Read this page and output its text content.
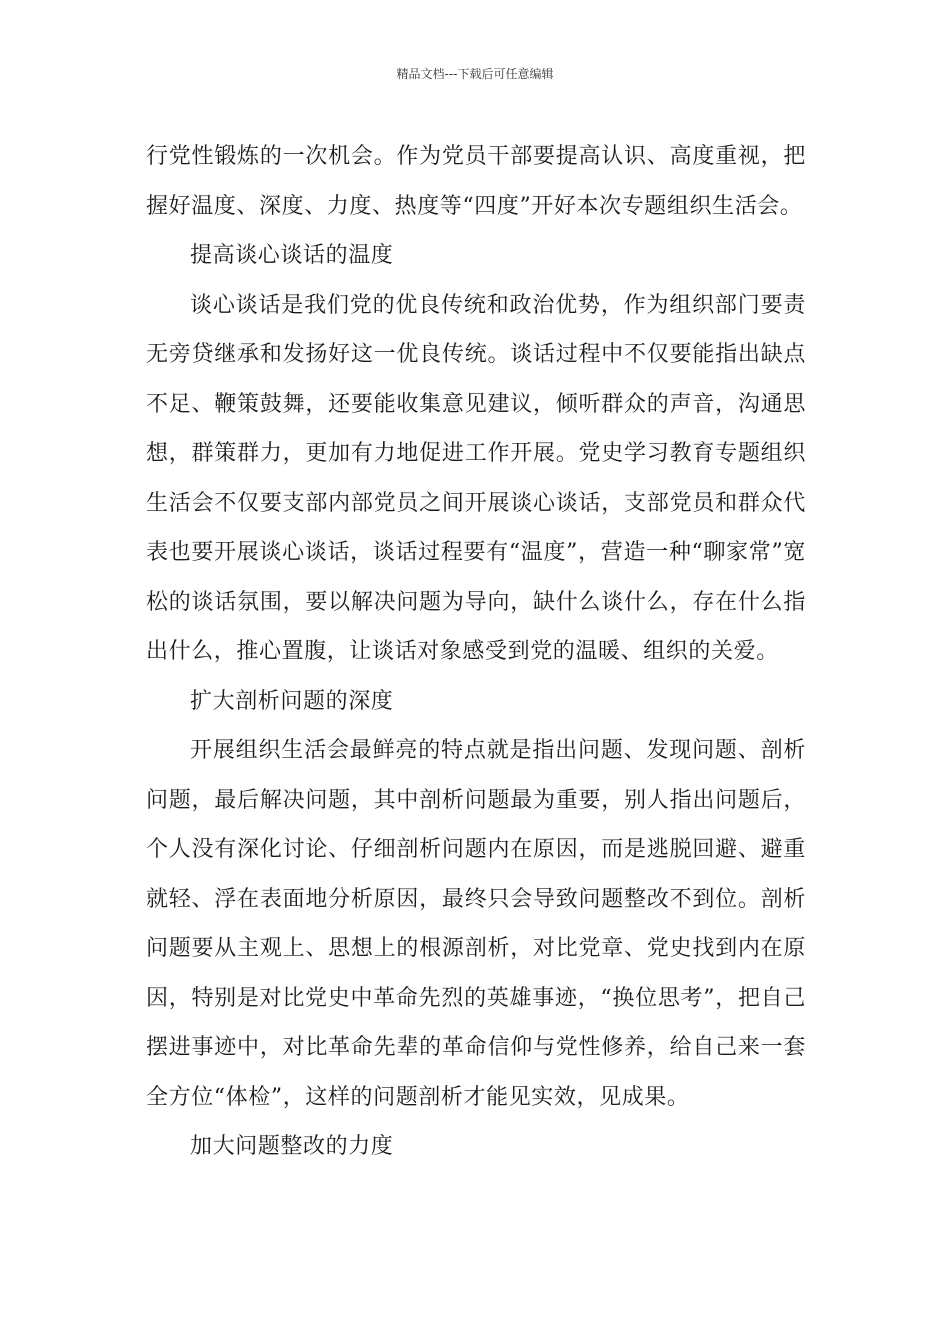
精品文档---下载后可任意编辑

行党性锻炼的一次机会。作为党员干部要提高认识、高度重视，把握好温度、深度、力度、热度等“四度”开好本次专题组织生活会。

提高谈心谈话的温度

谈心谈话是我们党的优良传统和政治优势，作为组织部门要责无旁贷继承和发扬好这一优良传统。谈话过程中不仅要能指出缺点不足、鞭策鼓舞，还要能收集意见建议，倾听群众的声音，沟通思想，群策群力，更加有力地促进工作开展。党史学习教育专题组织生活会不仅要支部内部党员之间开展谈心谈话，支部党员和群众代表也要开展谈心谈话，谈话过程要有“温度”，营造一种“聊家常”宽松的谈话氛围，要以解决问题为导向，缺什么谈什么，存在什么指出什么，推心置腹，让谈话对象感受到党的温暖、组织的关爱。

扩大剖析问题的深度

开展组织生活会最鲜亮的特点就是指出问题、发现问题、剖析问题，最后解决问题，其中剖析问题最为重要，别人指出问题后，个人没有深化讨论、仔细剖析问题内在原因，而是逃脱回避、避重就轻、浮在表面地分析原因，最终只会导致问题整改不到位。剖析问题要从主观上、思想上的根源剖析，对比党章、党史找到内在原因，特别是对比党史中革命先烈的英雄事迹，“换位思考”，把自己摆进事迹中，对比革命先辈的革命信仰与党性修养，给自己来一套全方位“体检”，这样的问题剖析才能见实效，见成果。

加大问题整改的力度
